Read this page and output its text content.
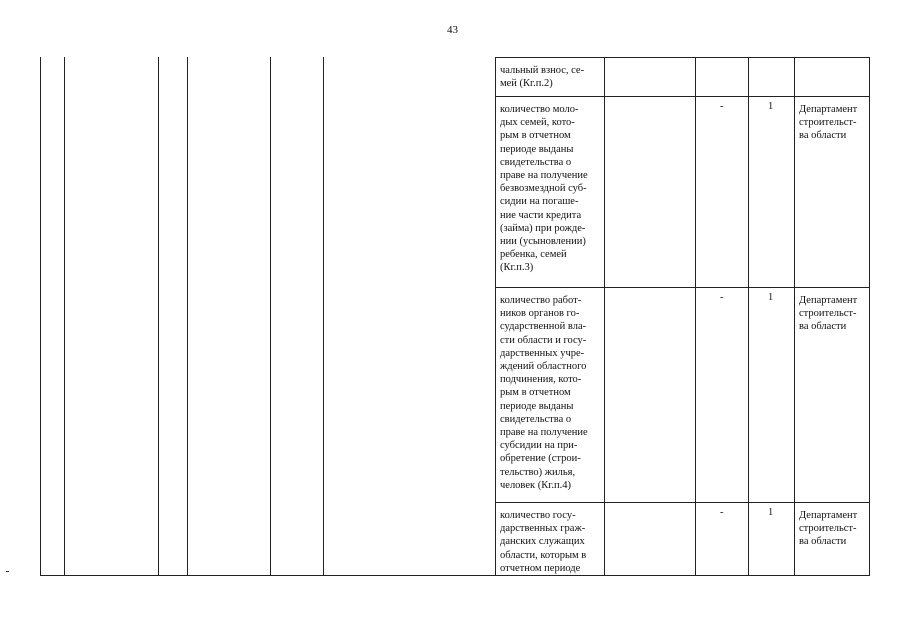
43
чальный взнос, се-
мей (Кг.п.2)
количество моло-
дых семей, кото-
рым в отчетном
периоде выданы
свидетельства о
праве на получение
безвозмездной суб-
сидии на погаше-
ние части кредита
(займа) при рожде-
нии (усыновлении)
ребенка, семей
(Кг.п.3)
-	1 Департамент
строительст-
ва области
количество работ-
ников органов го-
сударственной вла-
сти области и госу-
дарственных учре-
ждений областного
подчинения, кото-
рым в отчетном
периоде выданы
свидетельства о
праве на получение
субсидии на при-
обретение (строи-
тельство) жилья,
человек (Кг.п.4)
-	1 Департамент
строительст-
ва области
количество госу-
дарственных граж-
данских служащих
области, которым в
отчетном периоде
-	1 Департамент
строительст-
ва области
